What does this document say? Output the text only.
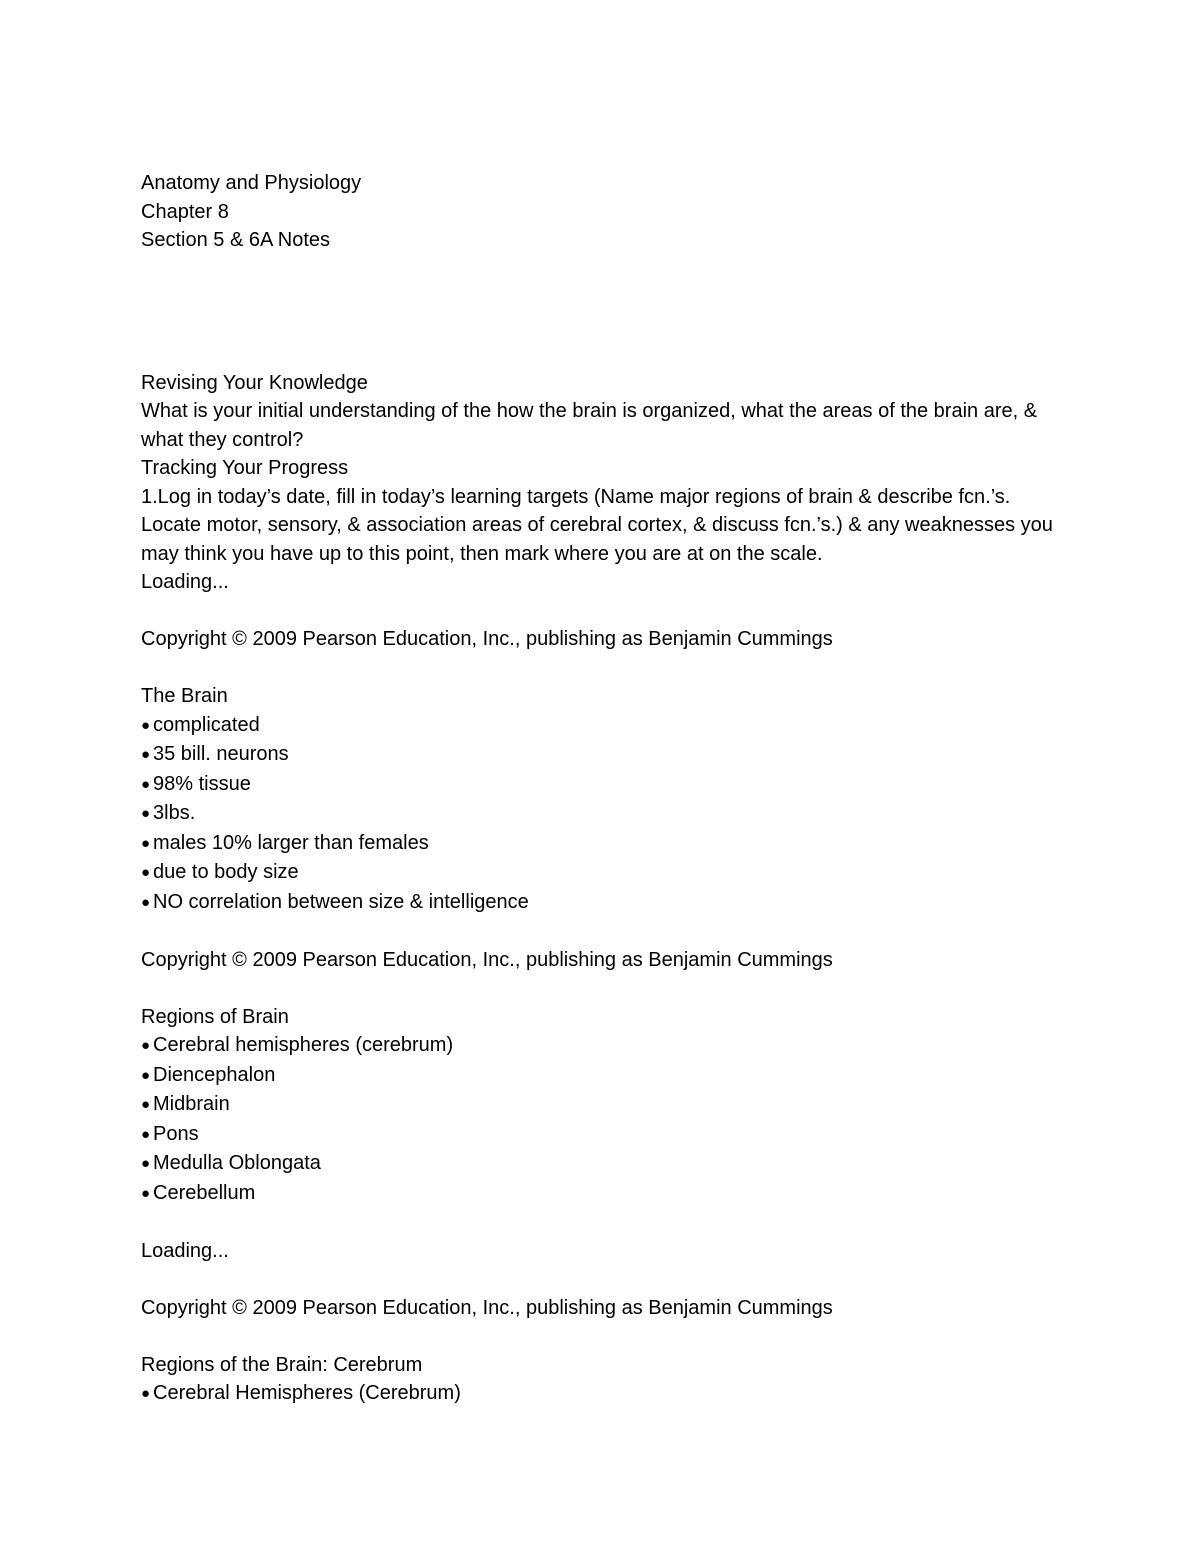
Anatomy and Physiology

Chapter 8

Section 5 & 6A Notes

Revising Your Knowledge

What is your initial understanding of the how the brain is organized, what the areas of the brain are, & what they control?

Tracking Your Progress

1.Log in today’s date, fill in today’s learning targets (Name major regions of brain & describe fcn.’s. Locate motor, sensory, & association areas of cerebral cortex, & discuss fcn.’s.) & any weaknesses you may think you have up to this point, then mark where you are at on the scale.

Loading...

Copyright © 2009 Pearson Education, Inc., publishing as Benjamin Cummings

The Brain

● complicated

● 35 bill. neurons

● 98% tissue

● 3lbs.

● males 10% larger than females

● due to body size

● NO correlation between size & intelligence

Copyright © 2009 Pearson Education, Inc., publishing as Benjamin Cummings

Regions of Brain

● Cerebral hemispheres (cerebrum)

● Diencephalon

● Midbrain

● Pons

● Medulla Oblongata

● Cerebellum

Loading...

Copyright © 2009 Pearson Education, Inc., publishing as Benjamin Cummings

Regions of the Brain: Cerebrum

● Cerebral Hemispheres (Cerebrum)
